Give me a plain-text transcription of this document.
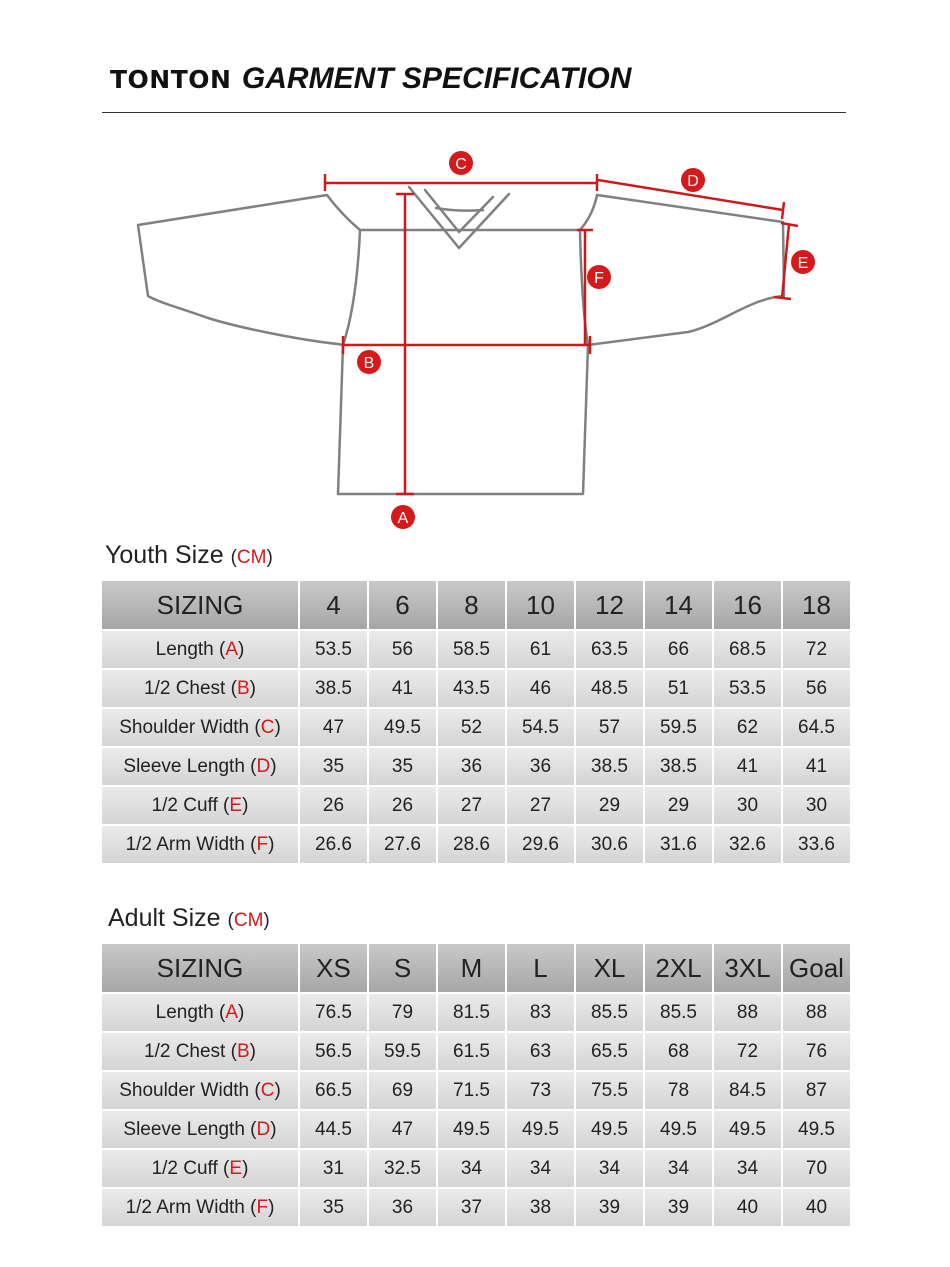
TONTON GARMENT SPECIFICATION
C
D
E
F
B
A
Youth Size (CM)
SIZING	4	6	8	10	12	14	16	18
Length (A)	53.5	56	58.5	61	63.5	66	68.5	72
1/2 Chest (B)	38.5	41	43.5	46	48.5	51	53.5	56
Shoulder Width (C)	47	49.5	52	54.5	57	59.5	62	64.5
Sleeve Length (D)	35	35	36	36	38.5	38.5	41	41
1/2 Cuff (E)	26	26	27	27	29	29	30	30
1/2 Arm Width (F)	26.6	27.6	28.6	29.6	30.6	31.6	32.6	33.6
Adult Size (CM)
SIZING	XS	S	M	L	XL	2XL	3XL	Goal
Length (A)	76.5	79	81.5	83	85.5	85.5	88	88
1/2 Chest (B)	56.5	59.5	61.5	63	65.5	68	72	76
Shoulder Width (C)	66.5	69	71.5	73	75.5	78	84.5	87
Sleeve Length (D)	44.5	47	49.5	49.5	49.5	49.5	49.5	49.5
1/2 Cuff (E)	31	32.5	34	34	34	34	34	70
1/2 Arm Width (F)	35	36	37	38	39	39	40	40
